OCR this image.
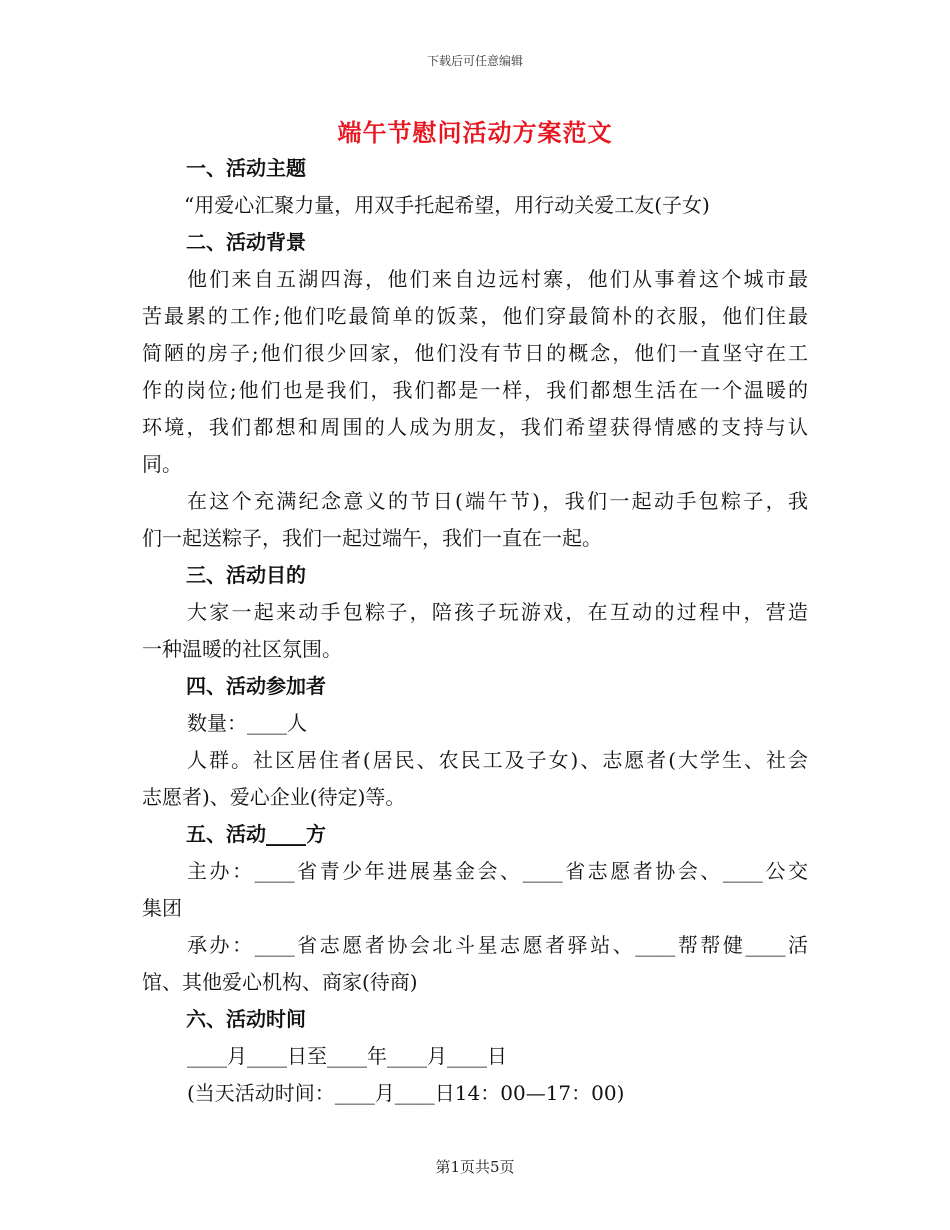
下载后可任意编辑
端午节慰问活动方案范文

一、活动主题

“用爱心汇聚力量，用双手托起希望，用行动关爱工友(子女)

二、活动背景

他们来自五湖四海，他们来自边远村寨，他们从事着这个城市最

苦最累的工作;他们吃最简单的饭菜，他们穿最简朴的衣服，他们住最

简陋的房子;他们很少回家，他们没有节日的概念，他们一直坚守在工

作的岗位;他们也是我们，我们都是一样，我们都想生活在一个温暖的

环境，我们都想和周围的人成为朋友，我们希望获得情感的支持与认

同。

在这个充满纪念意义的节日(端午节)，我们一起动手包粽子，我

们一起送粽子，我们一起过端午，我们一直在一起。

三、活动目的

大家一起来动手包粽子，陪孩子玩游戏，在互动的过程中，营造

一种温暖的社区氛围。

四、活动参加者

数量：____人

人群。社区居住者(居民、农民工及子女)、志愿者(大学生、社会

志愿者)、爱心企业(待定)等。

五、活动____方

主办：____省青少年进展基金会、____省志愿者协会、____公交

集团

承办：____省志愿者协会北斗星志愿者驿站、____帮帮健____活

馆、其他爱心机构、商家(待商)

六、活动时间

____月____日至____年____月____日

(当天活动时间：____月____日14：00—17：00)

第1页共5页
